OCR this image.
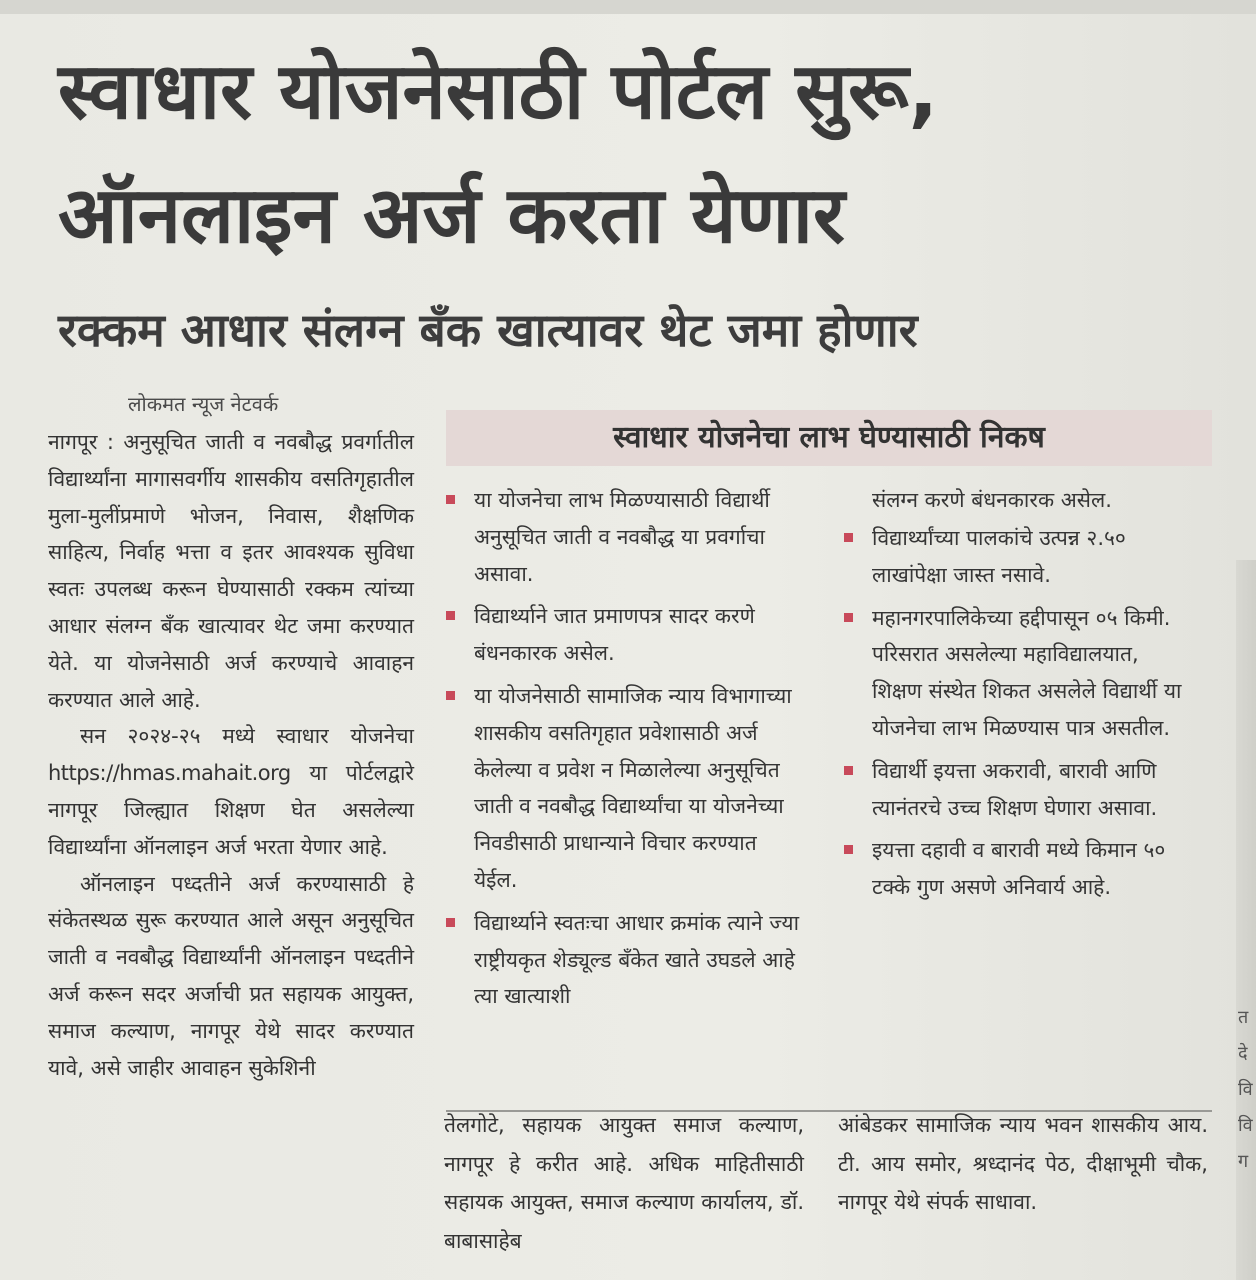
स्वाधार योजनेसाठी पोर्टल सुरू,
ऑनलाइन अर्ज करता येणार
रक्कम आधार संलग्न बँक खात्यावर थेट जमा होणार
लोकमत न्यूज नेटवर्क

नागपूर : अनुसूचित जाती व नवबौद्ध प्रवर्गातील विद्यार्थ्यांना मागासवर्गीय शासकीय वसतिगृहातील मुला-मुलींप्रमाणे भोजन, निवास, शैक्षणिक साहित्य, निर्वाह भत्ता व इतर आवश्यक सुविधा स्वतः उपलब्ध करून घेण्यासाठी रक्कम त्यांच्या आधार संलग्न बँक खात्यावर थेट जमा करण्यात येते. या योजनेसाठी अर्ज करण्याचे आवाहन करण्यात आले आहे.

सन २०२४-२५ मध्ये स्वाधार योजनेचा https://hmas.mahait.org या पोर्टलद्वारे नागपूर जिल्ह्यात शिक्षण घेत असलेल्या विद्यार्थ्यांना ऑनलाइन अर्ज भरता येणार आहे.

ऑनलाइन पध्दतीने अर्ज करण्यासाठी हे संकेतस्थळ सुरू करण्यात आले असून अनुसूचित जाती व नवबौद्ध विद्यार्थ्यांनी ऑनलाइन पध्दतीने अर्ज करून सदर अर्जाची प्रत सहायक आयुक्त, समाज कल्याण, नागपूर येथे सादर करण्यात यावे, असे जाहीर आवाहन सुकेशिनी

स्वाधार योजनेचा लाभ घेण्यासाठी निकष
या योजनेचा लाभ मिळण्यासाठी विद्यार्थी अनुसूचित जाती व नवबौद्ध या प्रवर्गाचा असावा.
विद्यार्थ्याने जात प्रमाणपत्र सादर करणे बंधनकारक असेल.
या योजनेसाठी सामाजिक न्याय विभागाच्या शासकीय वसतिगृहात प्रवेशासाठी अर्ज केलेल्या व प्रवेश न मिळालेल्या अनुसूचित जाती व नवबौद्ध विद्यार्थ्यांचा या योजनेच्या निवडीसाठी प्राधान्याने विचार करण्यात येईल.
विद्यार्थ्याने स्वतःचा आधार क्रमांक त्याने ज्या राष्ट्रीयकृत शेड्यूल्ड बँकेत खाते उघडले आहे त्या खात्याशी
संलग्न करणे बंधनकारक असेल.
विद्यार्थ्यांच्या पालकांचे उत्पन्न २.५० लाखांपेक्षा जास्त नसावे.
महानगरपालिकेच्या हद्दीपासून ०५ किमी. परिसरात असलेल्या महाविद्यालयात, शिक्षण संस्थेत शिकत असलेले विद्यार्थी या योजनेचा लाभ मिळण्यास पात्र असतील.
विद्यार्थी इयत्ता अकरावी, बारावी आणि त्यानंतरचे उच्च शिक्षण घेणारा असावा.
इयत्ता दहावी व बारावी मध्ये किमान ५० टक्के गुण असणे अनिवार्य आहे.
तेलगोटे, सहायक आयुक्त समाज कल्याण, नागपूर हे करीत आहे. अधिक माहितीसाठी सहायक आयुक्त, समाज कल्याण कार्यालय, डॉ. बाबासाहेब
आंबेडकर सामाजिक न्याय भवन शासकीय आय. टी. आय समोर, श्रध्दानंद पेठ, दीक्षाभूमी चौक, नागपूर येथे संपर्क साधावा.
त
दे
वि
वि
ग
